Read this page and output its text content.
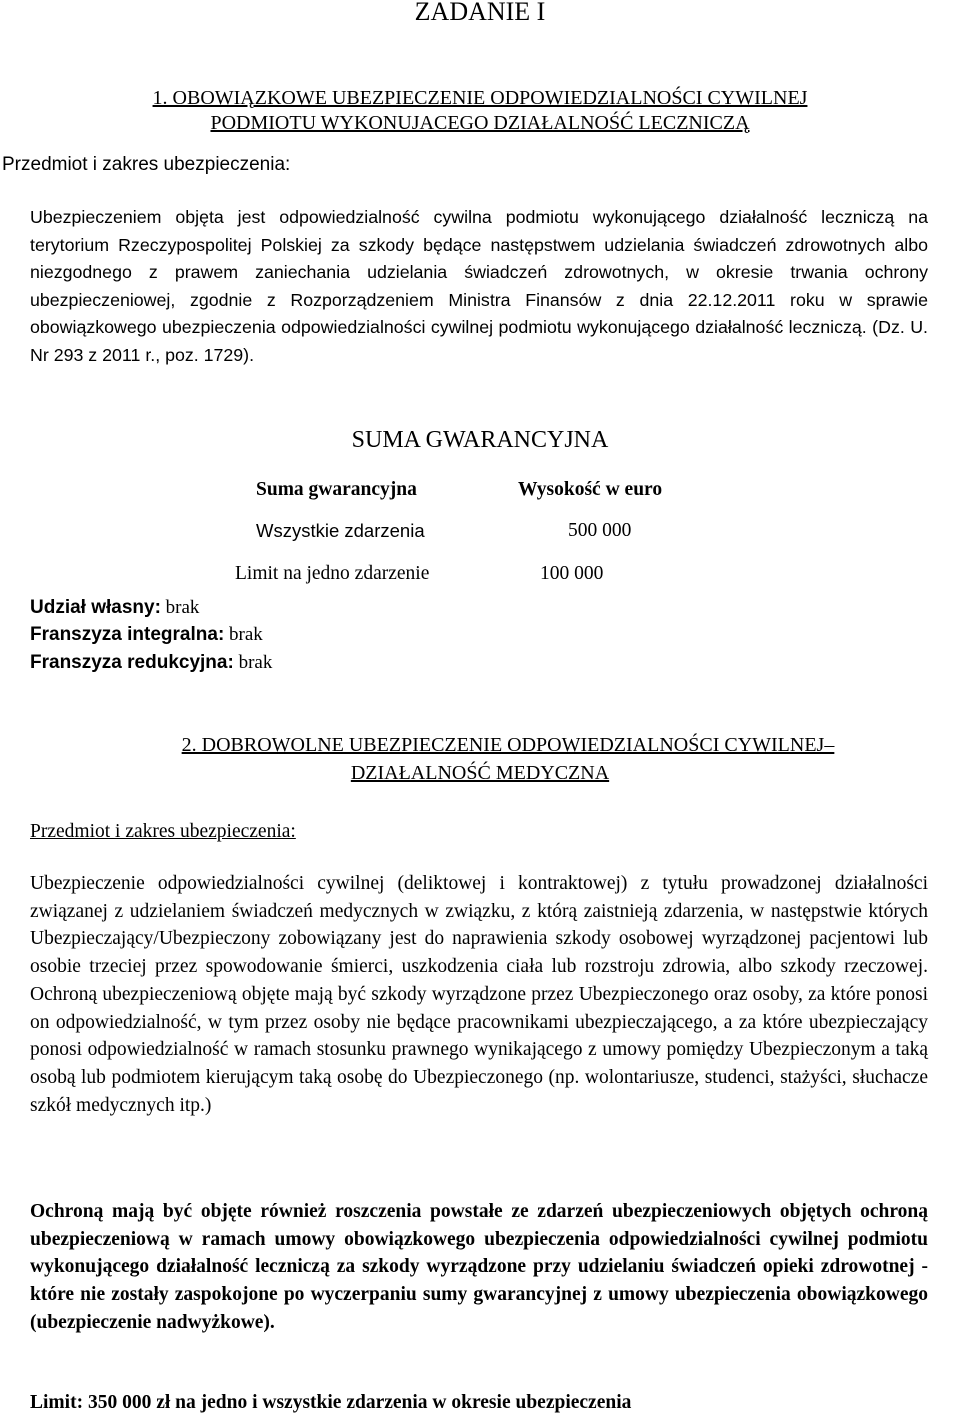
ZADANIE I
1. OBOWIĄZKOWE UBEZPIECZENIE ODPOWIEDZIALNOŚCI CYWILNEJ
PODMIOTU WYKONUJACEGO DZIAŁALNOŚĆ LECZNICZĄ
Przedmiot i zakres ubezpieczenia:

Ubezpieczeniem objęta jest odpowiedzialność cywilna podmiotu wykonującego działalność leczniczą na terytorium Rzeczypospolitej Polskiej za szkody będące następstwem udzielania świadczeń zdrowotnych albo niezgodnego z prawem zaniechania udzielania świadczeń zdrowotnych, w okresie trwania ochrony ubezpieczeniowej, zgodnie z Rozporządzeniem Ministra Finansów z dnia 22.12.2011 roku w sprawie obowiązkowego ubezpieczenia odpowiedzialności cywilnej podmiotu wykonującego działalność leczniczą. (Dz. U. Nr 293 z 2011 r., poz. 1729).

SUMA GWARANCYJNA
Suma gwarancyjna	Wysokość w euro
Wszystkie zdarzenia	500 000
Limit na jedno zdarzenie	100 000
Udział własny: brak
Franszyza integralna: brak
Franszyza redukcyjna: brak
2. DOBROWOLNE UBEZPIECZENIE ODPOWIEDZIALNOŚCI CYWILNEJ–
DZIAŁALNOŚĆ MEDYCZNA
Przedmiot i zakres ubezpieczenia:

Ubezpieczenie odpowiedzialności cywilnej (deliktowej i kontraktowej) z tytułu prowadzonej działalności związanej z udzielaniem świadczeń medycznych w związku, z którą zaistnieją zdarzenia, w następstwie których Ubezpieczający/Ubezpieczony zobowiązany jest do naprawienia szkody osobowej wyrządzonej pacjentowi lub osobie trzeciej przez spowodowanie śmierci, uszkodzenia ciała lub rozstroju zdrowia, albo szkody rzeczowej. Ochroną ubezpieczeniową objęte mają być szkody wyrządzone przez Ubezpieczonego oraz osoby, za które ponosi on odpowiedzialność, w tym przez osoby nie będące pracownikami ubezpieczającego, a za które ubezpieczający ponosi odpowiedzialność w ramach stosunku prawnego wynikającego z umowy pomiędzy Ubezpieczonym a taką osobą lub podmiotem kierującym taką osobę do Ubezpieczonego (np. wolontariusze, studenci, stażyści, słuchacze szkół medycznych itp.)

Ochroną mają być objęte również roszczenia powstałe ze zdarzeń ubezpieczeniowych objętych ochroną ubezpieczeniową w ramach umowy obowiązkowego ubezpieczenia odpowiedzialności cywilnej podmiotu wykonującego działalność leczniczą za szkody wyrządzone przy udzielaniu świadczeń opieki zdrowotnej - które nie zostały zaspokojone po wyczerpaniu sumy gwarancyjnej z umowy ubezpieczenia obowiązkowego (ubezpieczenie nadwyżkowe).

Limit: 350 000 zł na jedno i wszystkie zdarzenia w okresie ubezpieczenia
